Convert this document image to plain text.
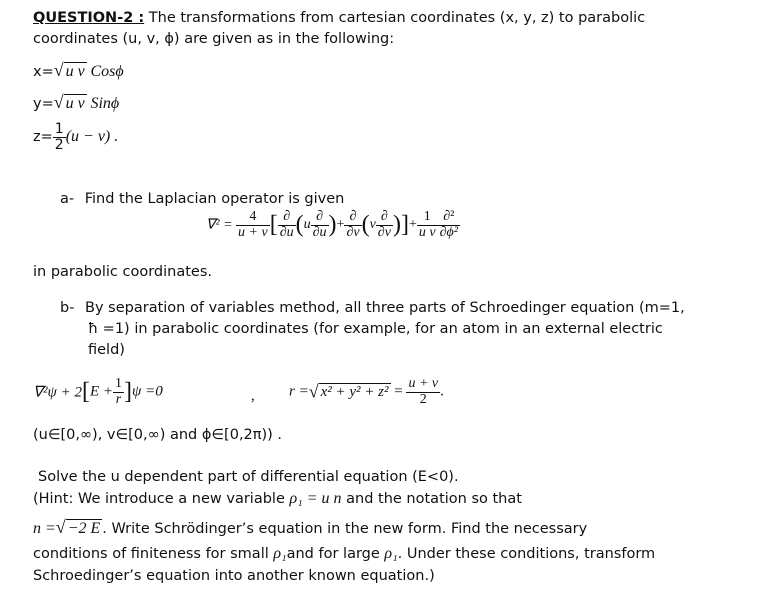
QUESTION-2 : The transformations from cartesian coordinates (x, y, z) to parabolic
coordinates (u, v, ϕ) are given as in the following:
x=√ u v Cosϕ
y=√ u v Sinϕ
$z= \frac{1}{2} (u - v)$ .
a- Find the Laplacian operator is given
$\nabla^2 = \frac{4}{u + v}$ [ $\frac{\partial}{\partial u} (u \frac{\partial}{\partial u}$ )+ $\frac{\partial}{\partial v} (v \frac{\partial}{\partial v}$ )]+ $\frac{1}{\text{u v}} \frac{\text{∂²}}{\text{∂ϕ²}}$
in parabolic coordinates.
b- By separation of variables method, all three parts of Schroedinger equation (m=1,
ħ =1) in parabolic coordinates (for example, for an atom in an external electric
field)
$\nabla^2\psi + 2[E + \frac{1}{r} ]\psi =0$	, r =√ $x^2 + y^2 + z^2 = \frac{u + v}{2}$ .
(u∈[0,∞), v∈[0,∞) and ϕ∈[0,2π)) .
Solve the u dependent part of differential equation (E<0).
(Hint: We introduce a new variable ρ₁ = u n and the notation so that
n =√ −2 E . Write Schrödinger’s equation in the new form. Find the necessary
conditions of finiteness for small ρ₁and for large ρ₁. Under these conditions, transform
Schroedinger’s equation into another known equation.)
